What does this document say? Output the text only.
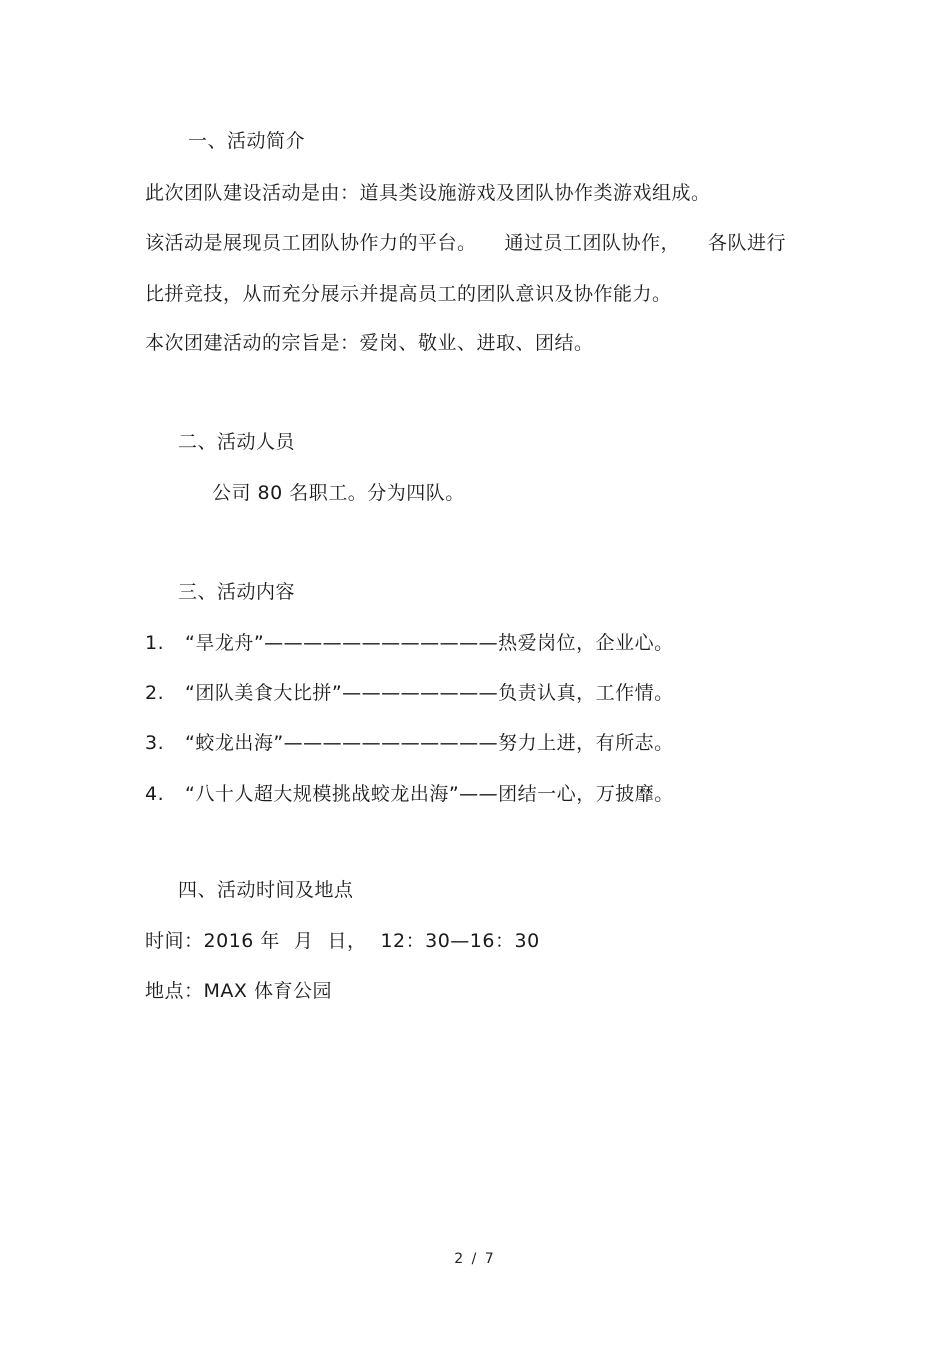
一、活动简介
此次团队建设活动是由：道具类设施游戏及团队协作类游戏组成。
该活动是展现员工团队协作力的平台。 通过员工团队协作， 各队进行
比拼竞技，从而充分展示并提高员工的团队意识及协作能力。
本次团建活动的宗旨是：爱岗、敬业、进取、团结。
二、活动人员
公司 80 名职工。分为四队。
三、活动内容
1. “旱龙舟”————————————热爱岗位，企业心。
2. “团队美食大比拼”————————负责认真，工作情。
3. “蛟龙出海”———————————努力上进，有所志。
4. “八十人超大规模挑战蛟龙出海”——团结一心，万披靡。
四、活动时间及地点
时间：2016 年 月 日， 12：30—16：30
地点：MAX 体育公园
2 / 7
